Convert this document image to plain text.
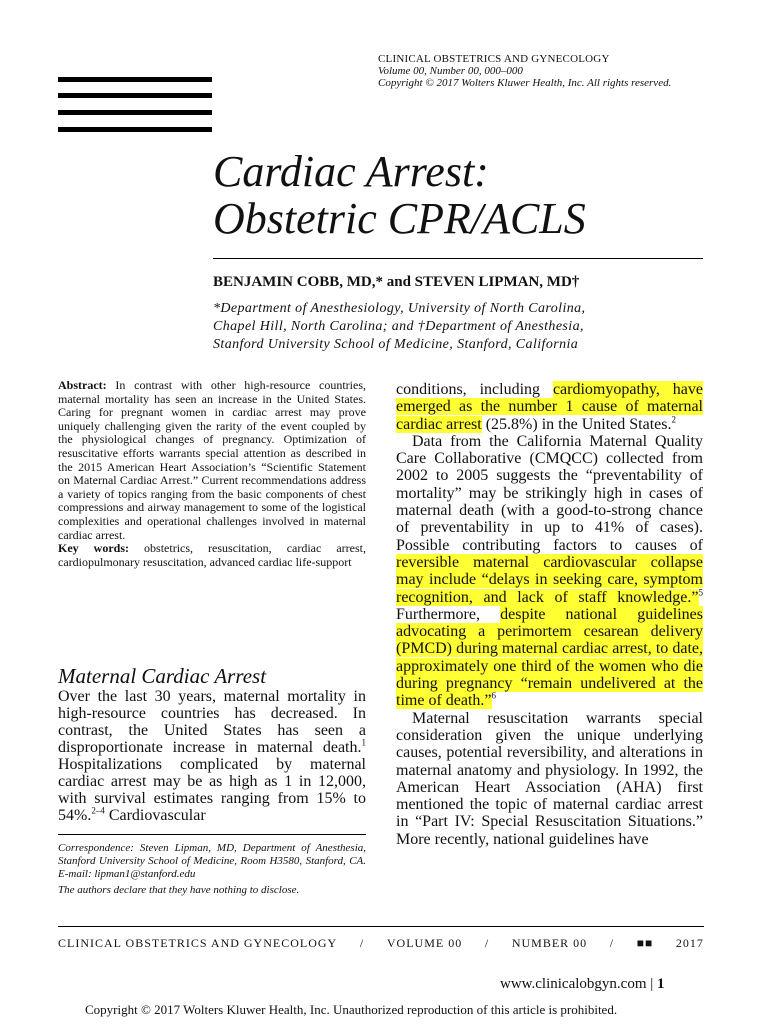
CLINICAL OBSTETRICS AND GYNECOLOGY
Volume 00, Number 00, 000–000
Copyright © 2017 Wolters Kluwer Health, Inc. All rights reserved.
Cardiac Arrest:
Obstetric CPR/ACLS
BENJAMIN COBB, MD,* and STEVEN LIPMAN, MD†
*Department of Anesthesiology, University of North Carolina,
Chapel Hill, North Carolina; and †Department of Anesthesia,
Stanford University School of Medicine, Stanford, California
Abstract: In contrast with other high-resource countries, maternal mortality has seen an increase in the United States. Caring for pregnant women in cardiac arrest may prove uniquely challenging given the rarity of the event coupled by the physiological changes of pregnancy. Optimization of resuscitative efforts warrants special attention as described in the 2015 American Heart Association’s “Scientific Statement on Maternal Cardiac Arrest.” Current recommendations address a variety of topics ranging from the basic components of chest compressions and airway management to some of the logistical complexities and operational challenges involved in maternal cardiac arrest.
Key words: obstetrics, resuscitation, cardiac arrest, cardiopulmonary resuscitation, advanced cardiac life-support
Maternal Cardiac Arrest
Over the last 30 years, maternal mortality in high-resource countries has decreased. In contrast, the United States has seen a disproportionate increase in maternal death.$^1$ Hospitalizations complicated by maternal cardiac arrest may be as high as 1 in 12,000, with survival estimates ranging from 15% to 54%.$^{2-4}$ Cardiovascular
Correspondence: Steven Lipman, MD, Department of Anesthesia, Stanford University School of Medicine, Room H3580, Stanford, CA. E-mail: lipman1@stanford.edu
The authors declare that they have nothing to disclose.

conditions, including cardiomyopathy, have emerged as the number 1 cause of maternal cardiac arrest (25.8%) in the United States.$^2$

Data from the California Maternal Quality Care Collaborative (CMQCC) collected from 2002 to 2005 suggests the “preventability of mortality” may be strikingly high in cases of maternal death (with a good-to-strong chance of preventability in up to 41% of cases). Possible contributing factors to causes of reversible maternal cardiovascular collapse may include “delays in seeking care, symptom recognition, and lack of staff knowledge.”$^5$ Furthermore, despite national guidelines advocating a perimortem cesarean delivery (PMCD) during maternal cardiac arrest, to date, approximately one third of the women who die during pregnancy “remain undelivered at the time of death.”$^6$

Maternal resuscitation warrants special consideration given the unique underlying causes, potential reversibility, and alterations in maternal anatomy and physiology. In 1992, the American Heart Association (AHA) first mentioned the topic of maternal cardiac arrest in “Part IV: Special Resuscitation Situations.” More recently, national guidelines have

CLINICAL OBSTETRICS AND GYNECOLOGY / VOLUME 00 / NUMBER 00 / ■■ 2017
www.clinicalobgyn.com | 1
Copyright © 2017 Wolters Kluwer Health, Inc. Unauthorized reproduction of this article is prohibited.
